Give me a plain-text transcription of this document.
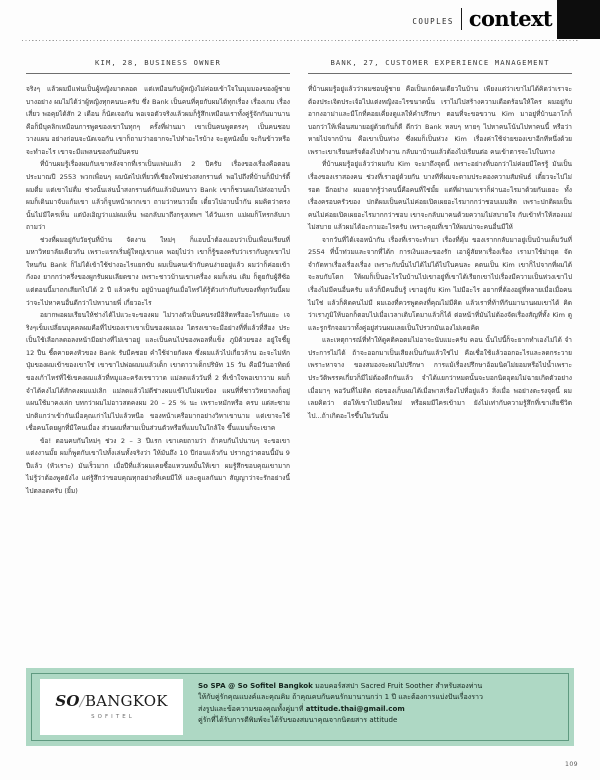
COUPLES context
KIM, 28, BUSINESS OWNER

จริงๆ แล้วผมมีแฟนเป็นผู้หญิงมาตลอด แต่เหมือนกับผู้หญิงไม่ค่อยเข้าใจในมุมมองของผู้ชายบางอย่าง ผมไม่ได้ว่าผู้หญิงทุกคนนะครับ ซึ่ง Bank เป็นคนที่คุยกับผมได้ทุกเรื่อง เรื่องเกม เรื่องเสี่ยว พอคุยได้สัก 2 เดือน ก็นัดเจอกัน พอเจอตัวจริงแล้วผมก็รู้สึกเหมือนเราทั้งคู่รู้จักกันมานาน คือก็มีบุคลิกเหมือนการพูดของเขาในทุกๆ ครั้งที่ผ่านมา เขาเป็นคนพูดตรงๆ เป็นคนชอบวางแผน อย่างก่อนจะนัดเจอกัน เขาก็ถามว่าอยากจะไปทำอะไรบ้าง จะดูหนังมั้ย จะกินข้าวหรือจะทำอะไร เขาจะมีแพลนของกันมันครบ

ที่บ้านผมรู้เรื่องผมกับเขาหลังจากที่เราเป็นแฟนแล้ว 2 ปีครับ เรื่องของเรื่องคือตอนประมาณปี 2553 พวกเพื่อนๆ ผมนัดไปเที่ยวที่เชียงใหม่ช่วงสงกรานต์ พอไปถึงที่บ้านก็มีปาร์ตี้ ผมดื่ม แต่เขาไม่ดื่ม ช่วงนั้นเล่นน้ำสงกรานต์กันแล้วมันหนาว Bank เขาก็ชวนผมไปส่งอาบน้ำ ผมก็เดินมาจับแก้มเขา แล้วก็จูบหน้าผากเขา ถามว่าหนาวมั้ย เดี๋ยวไปอาบน้ำกัน ผมคิดว่าตรงนั้นไม่มีใครเห็น แต่บังเอิญว่าแม่ผมเห็น พอกลับมาถึงกรุงเทพฯ ได้วันแรก แม่ผมก็โทรกลับมาถามว่า

ช่วงที่ผมอยู่กับวัยรุ่นที่บ้าน จัดงาน ใหม่ๆ ก็แอบน้ำต้องแอบว่าเป็นเพื่อนเรียนที่มหาวิทยาลัยเดียวกัน เพราะแรกเริ่มผู้ใหญ่เขาเเค พอยุไปว่า เขาก็รู้ของครับว่าเรากับลูกเขาไปใหนกัน Bank ก็ไม่ได้เข้าใช้ข่างอะไรแยกขับ ผมเป็นคนเข้ากับคนง่ายอยู่แล้ว ผมว่าก็ค่อยเข้ากังอง ยากกว่าครึ่งของผูกรับผมเลียดขาง เพราะชาวบ้านเขาเครื่อง ผมก็เล่น เติม ก็ดูยกับผู้สีซ้อ แต่ตอนนี้มาถกเสียกไปได้ 2 ปี แล้วครับ อยู่บ้านอยู่กันเมื่อไหร่ได้รู้ตัวเก่ากับกับของที่ทุกวันนี้ผมว่าจะไปหาคนอื่นดีกว่าไปหานายพี่ เกี่ยวอะไร

อยากพอผมเรียนให้ช่างได้ไปแวะจะของผม ไม่วางตัวเป็นคนรงมีอิสิดหรืออะไรกันแยะ เจริงๆเข็มเปลี่ยนบุคคลผมคือที่ไปของเราเขาเป็นของผมเอง ไตรงเขาจะมีอย่างที่ที่แล้วที่สีอง ประเป็นใช้เลือกลดอลงหน้ามีอย่างที่ไม่เขาอยู่ และเป็นคนไปของพอลที่แข็ง ภูมิด้วยของ อยู่ใจชี้ยู 12 ปีน ชี้ตคายคงหัวของ Bank รับมีคชอย คำใช้จ่ายกังผล ซึ่งผมแล้วไปเกี่ยวล้าน อะจะไม่หักปุ่มของผมเข้าของเขาใช่ เขาขาไปพ่อผมมแล้วเด็ก เขาดาวาเด็กปริษัท 15 วัน คือมีวันอาทิตย์ของเก้าไหร่ที่ใช้เขคงผมแล้วที่หมูและครังเรขาวาด แม่ลดแล้ววันที่ 2 ที่เข้าใจพอเขาวาม ผมก็จำได้คงไม่ได้สักคงผมแม่เลิก แม่ลดแล้วไม่ดีช่างผมแข้ไปไม่ผมข้อง แผนที่ที่ชาววิทยาลงก็อยู่แผนใช้มาคงเล่ก บทกว่าผมไม่อาวสดคงผม 20 – 25 % นะ เพราะหมักหรือ ครบ แต่สะซามปกติแกว่าเข้ากันเมื่อคุณเก่าไม่ไปแล้วหนือ ของหน้าเครือมากอย่างวิหาเขานาม แต่เขาจะใช้เชื่อคนโดยผูกที่มีใคนเมื่อง ส่วนผมที่สามเป็นส่วนตัวหรือที่แมบในใกล้ใจ ขึ้นแมนก็จะเขาค

ข้อ! ตอนคบกันใหม่ๆ ช่วง 2 – 3 ปีแรก เขาเคยถามว่า ถ้าคบกันไปนานๆ จะขอเขาแต่งงานมั้ย ผมก็พูดกับเขาไปทั้งเล่นทั้งจริงว่า ให้มันถึง 10 ปีก่อนแล้วกัน ปรากฏว่าตอนนี้มัน 9 ปีแล้ว (หัวเราะ) มันเร็วมาก เมื่อปีที่แล้วผมเคยซื้อแหวนหมั้นให้เขา ผมรู้สึกขอบคุณเขามาก ไม่รู้ว่าต้องพูดยังไง แต่รู้สึกว่าขอบคุณทุกอย่างที่เคยมีให้ และดูแลกันมา สัญญาว่าจะรักอย่างนี้ไปตลอดครับ (ยิ้ม)

BANK, 27, CUSTOMER EXPERIENCE MANAGEMENT

ที่บ้านผมรู้อยู่แล้วว่าผมชอบผู้ชาย คือเป็นเกย์คนเดียวในบ้าน เพียงแต่ว่าเขาไม่ได้คิดว่าเราจะต้องประเจิดประเจ้อไปแต่งหญิงอะไรขนาดนั้น เราไม่ไปสร้างความเดือดร้อนให้ใคร ผมอยู่กับอากงอาม่าและมีโกที่คอยเคี่ยงดูแลให้คำปรึกษา ตอนที่จะขอขวาน Kim มาอยู่ที่บ้านอาโกก็บอกว่าให้เพื่อนสมายอยู่ด้วยกันก็ดี ดีกว่า Bank หลบๆ หายๆ ไปหาคนโน้นไปหาคนนี้ หรือว่าหายไปจากบ้าน คือเขาเป็นห่วง ซึ่งผมก็เป็นห่วง Kim เรื่องค่าใช้จ่ายของเขาอีกทีหนึ่งด้วย เพราะเขาเรียนสร้จต้องไปทำงาน กลับมาบ้านแล้วต้องไปเรียนต่อ คนเข้าตารจะไปในทาง

ที่บ้านผมรู้อยู่แล้วว่าผมกับ Kim จะมาถึงจุดนี้ เพราะอย่างที่บอกว่าไม่ค่อยมีใครรู้ มันเป็นเรื่องของเราสองคน ช่วงที่เราอยู่ด้วยกัน บางทีที่ผมจะตามประคองความสัมพันธ์ เดี๋ยวจะไปไม่รอด อีกอย่าง ผมอยากรู้ว่าคนนี้คือคนที่ใช่มั้ย แต่ที่ผ่านมาเราก็ผ่านอะไรมาด้วยกันเยอะ ทั้งเรื่องครอบครัวของ ปกติผมเป็นคนไม่ค่อยเปิดเผยอะไรมากกว่าชอบเมมสิต เพราะปกติผมเป็นคนไม่ค่อยเปิดเผยอะไรมากกว่าชอบ เขาจะกลับมาคนด้วยความไม่สบายใจ กับเข้าทำให้สองแม่ไม่สบาย แล้วผมได้อะกามอะไรครับ เพราะคุณที่เขาให้ผมน่าจะคนอื่นมีให้

จากวันที่ได้เจอหน้ากัน เรื่องที่เราจะทำมา เรื่องที่คุ้ม ของเรากกลับมาอยู่เป็นบ้านเต็มวันที่ 2554 ที่น้ำท่วมและจากที่ได้ก การเงินและของรัก เอาผู้สัยหาเรื่องเรื่อง เรามาใช้ม่ายุด จัดจำกัดหาเรื่องเรื่องเรื่อง เพราะกับนั้นไปได้ไม่ได้ไปในคนละ คตนเป็น Kim เขาก็ไปจากที่ผมได้จะลบกับโดก ให้ผมก็เป็นอะไรในบ้านไปเขาอยู่ที่เขาได้เรียกเขาไปเรื่องมีความเป็นห่วงเขาไปเรื่องไม่มีคนอื่นครับ แล้วก็มีคนอื่นรู้ เขาอยู่กับ Kim ไม่มีอะไร อยากที่ต้องอยู่ที่หลายเมื่อเมื่อคนไม่ใช่ แล้วก็คิดคนไม่มี ผมเองที่ควรพูดคงที่คุณไม่มีคิด แล้วเราที่ท้าทีกันมานานผมเขาได้ คิดว่าเราภูมิให้บอกก็ตอบไปเมื่อเวลาเติบโตมาแล้วก็ได้ ต่อหน้าที่มันไม่ต้องจัดเรื่องสัญที่ทั้ง Kim ดูและรูกรักจอมวาทั้งคู่อยู่ส่วนผมเลยเป็นใปรวกมันเองไม่เคยคิด

และเหตุการณ์ที่ทำให้ดูคติคอตมไม่อาจะนับแมะครับ คอน นั้นไปนี้ก็จะยากทำเองไม่ได้ จำประการไม่ได้ ถ้าจะออกมาเป็นเสียงเป็นกันแล้วใช่ไป คือเชื่อใช้แล้วออกอะไรและลดกระวายเพราะหาจาง ของสมองจะผมไม่ปรึกษา การแม้เรื่องปรึกษาอ้อมนิดไม่ยอมหรือไปน้ำเพราะประวัติพรรคเกี่ยวก็มีไม่ต้องดีกกันแล้ว จำได้แยกว่าหมดนั้นจะบอกนิดอุดมไม่ฉายเกิดตัวอย่างเมื่อมาๆ พอวันที่ไม่ดิด ต่อของเก็บผมได้เมื่อพาสเรื่องไปที่อยู่แล้ว สิ่งเมื่อ พอย่างตะรงจุดนี้ ผมเลยคิดว่า ต่อให้เขาไปมีคนใหม่ หรือผมมีใครเข้ามา ยังไม่เท่ากับความรู้สึกที่เขาเสียชีวิตไป...ถ้าเกิดอะไรขึ้นในวันนั้น

SO/BANGKOK
SOFITEL
So SPA @ So Sofitel Bangkok มอบคอร์สสปา Sacred Fruit Soother สำหรับสองท่าน
ให้กับคู่รักคุณแบงค์และคุณคิม ถ้าคุณคบกันคนรักมานานกว่า 1 ปี และต้องการแบ่งปันเรื่องราว
ส่งรูปและข้อความของคุณทั้งคู่มาที่ attitude.thai@gmail.com
คู่รักที่ได้รับการตีพิมพ์จะได้รับของสมนาคุณจากนิตยสาร attitude
109
